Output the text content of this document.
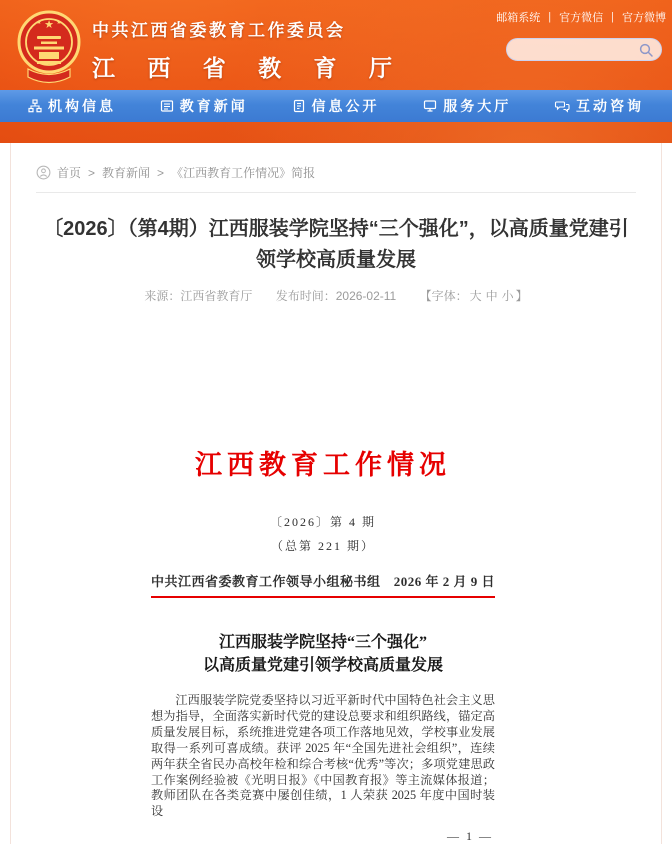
★
★ ★ 中共江西省委教育工作委员会
江 西 省 教 育 厅
邮箱系统 | 官方微信 | 官方微博
机构信息	教育新闻	信息公开	服务大厅	互动咨询
首页 > 教育新闻 > 《江西教育工作情况》简报
〔2026〕（第4期）江西服装学院坚持“三个强化”，以高质量党建引领学校高质量发展
来源：江西省教育厅 发布时间：2026-02-11 【字体： 大 中 小 】
江西教育工作情况
〔2026〕第 4 期
（总第 221 期）
中共江西省委教育工作领导小组秘书组 2026 年 2 月 9 日
江西服装学院坚持“三个强化”
以高质量党建引领学校高质量发展

江西服装学院党委坚持以习近平新时代中国特色社会主义思想为指导，全面落实新时代党的建设总要求和组织路线，锚定高质量发展目标，系统推进党建各项工作落地见效，学校事业发展取得一系列可喜成绩。获评 2025 年“全国先进社会组织”，连续两年获全省民办高校年检和综合考核“优秀”等次；多项党建思政工作案例经验被《光明日报》《中国教育报》等主流媒体报道；教师团队在各类竞赛中屡创佳绩，1 人荣获 2025 年度中国时装设

— 1 —
